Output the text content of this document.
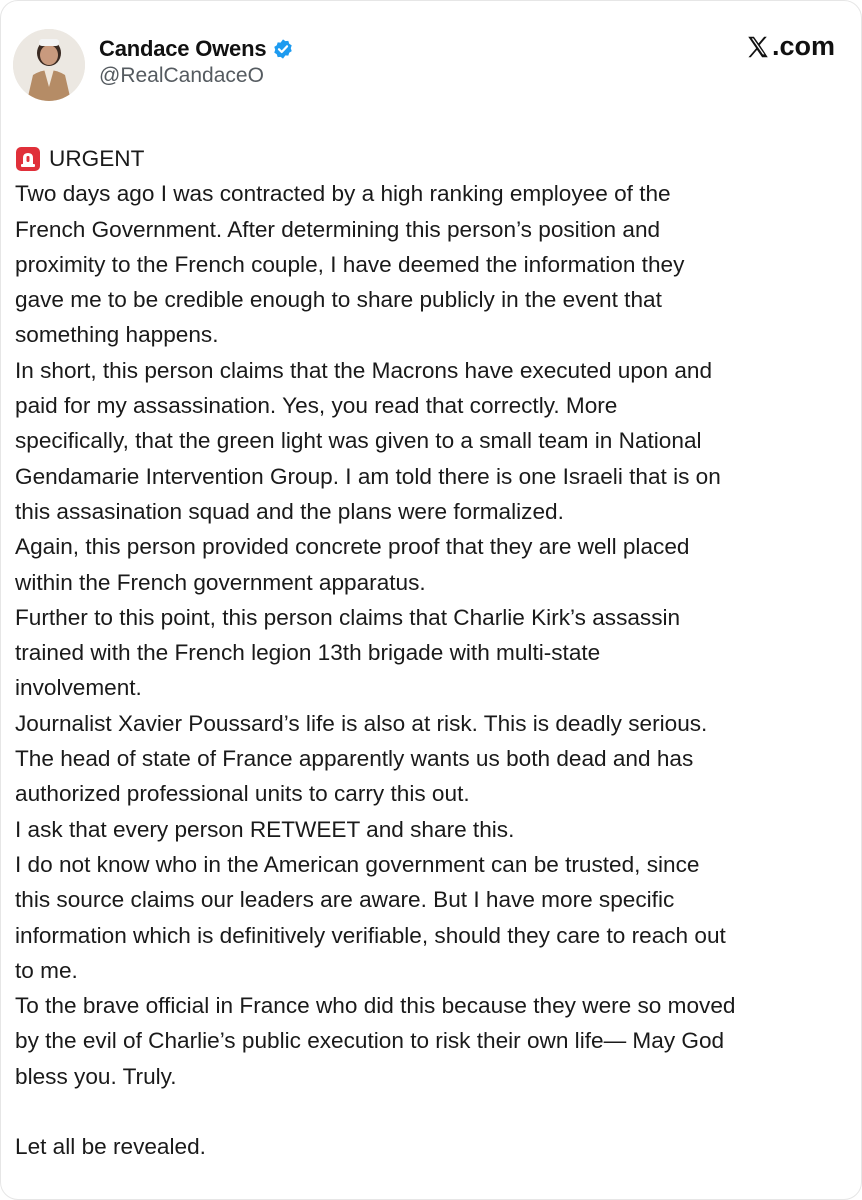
Candace Owens
@RealCandaceO
.com

URGENT

Two days ago I was contracted by a high ranking employee of the

French Government. After determining this person’s position and

proximity to the French couple, I have deemed the information they

gave me to be credible enough to share publicly in the event that

something happens.

In short, this person claims that the Macrons have executed upon and

paid for my assassination. Yes, you read that correctly. More

specifically, that the green light was given to a small team in National

Gendamarie Intervention Group. I am told there is one Israeli that is on

this assasination squad and the plans were formalized.

Again, this person provided concrete proof that they are well placed

within the French government apparatus.

Further to this point, this person claims that Charlie Kirk’s assassin

trained with the French legion 13th brigade with multi-state

involvement.

Journalist Xavier Poussard’s life is also at risk. This is deadly serious.

The head of state of France apparently wants us both dead and has

authorized professional units to carry this out.

I ask that every person RETWEET and share this.

I do not know who in the American government can be trusted, since

this source claims our leaders are aware. But I have more specific

information which is definitively verifiable, should they care to reach out

to me.

To the brave official in France who did this because they were so moved

by the evil of Charlie’s public execution to risk their own life— May God

bless you. Truly.

Let all be revealed.
